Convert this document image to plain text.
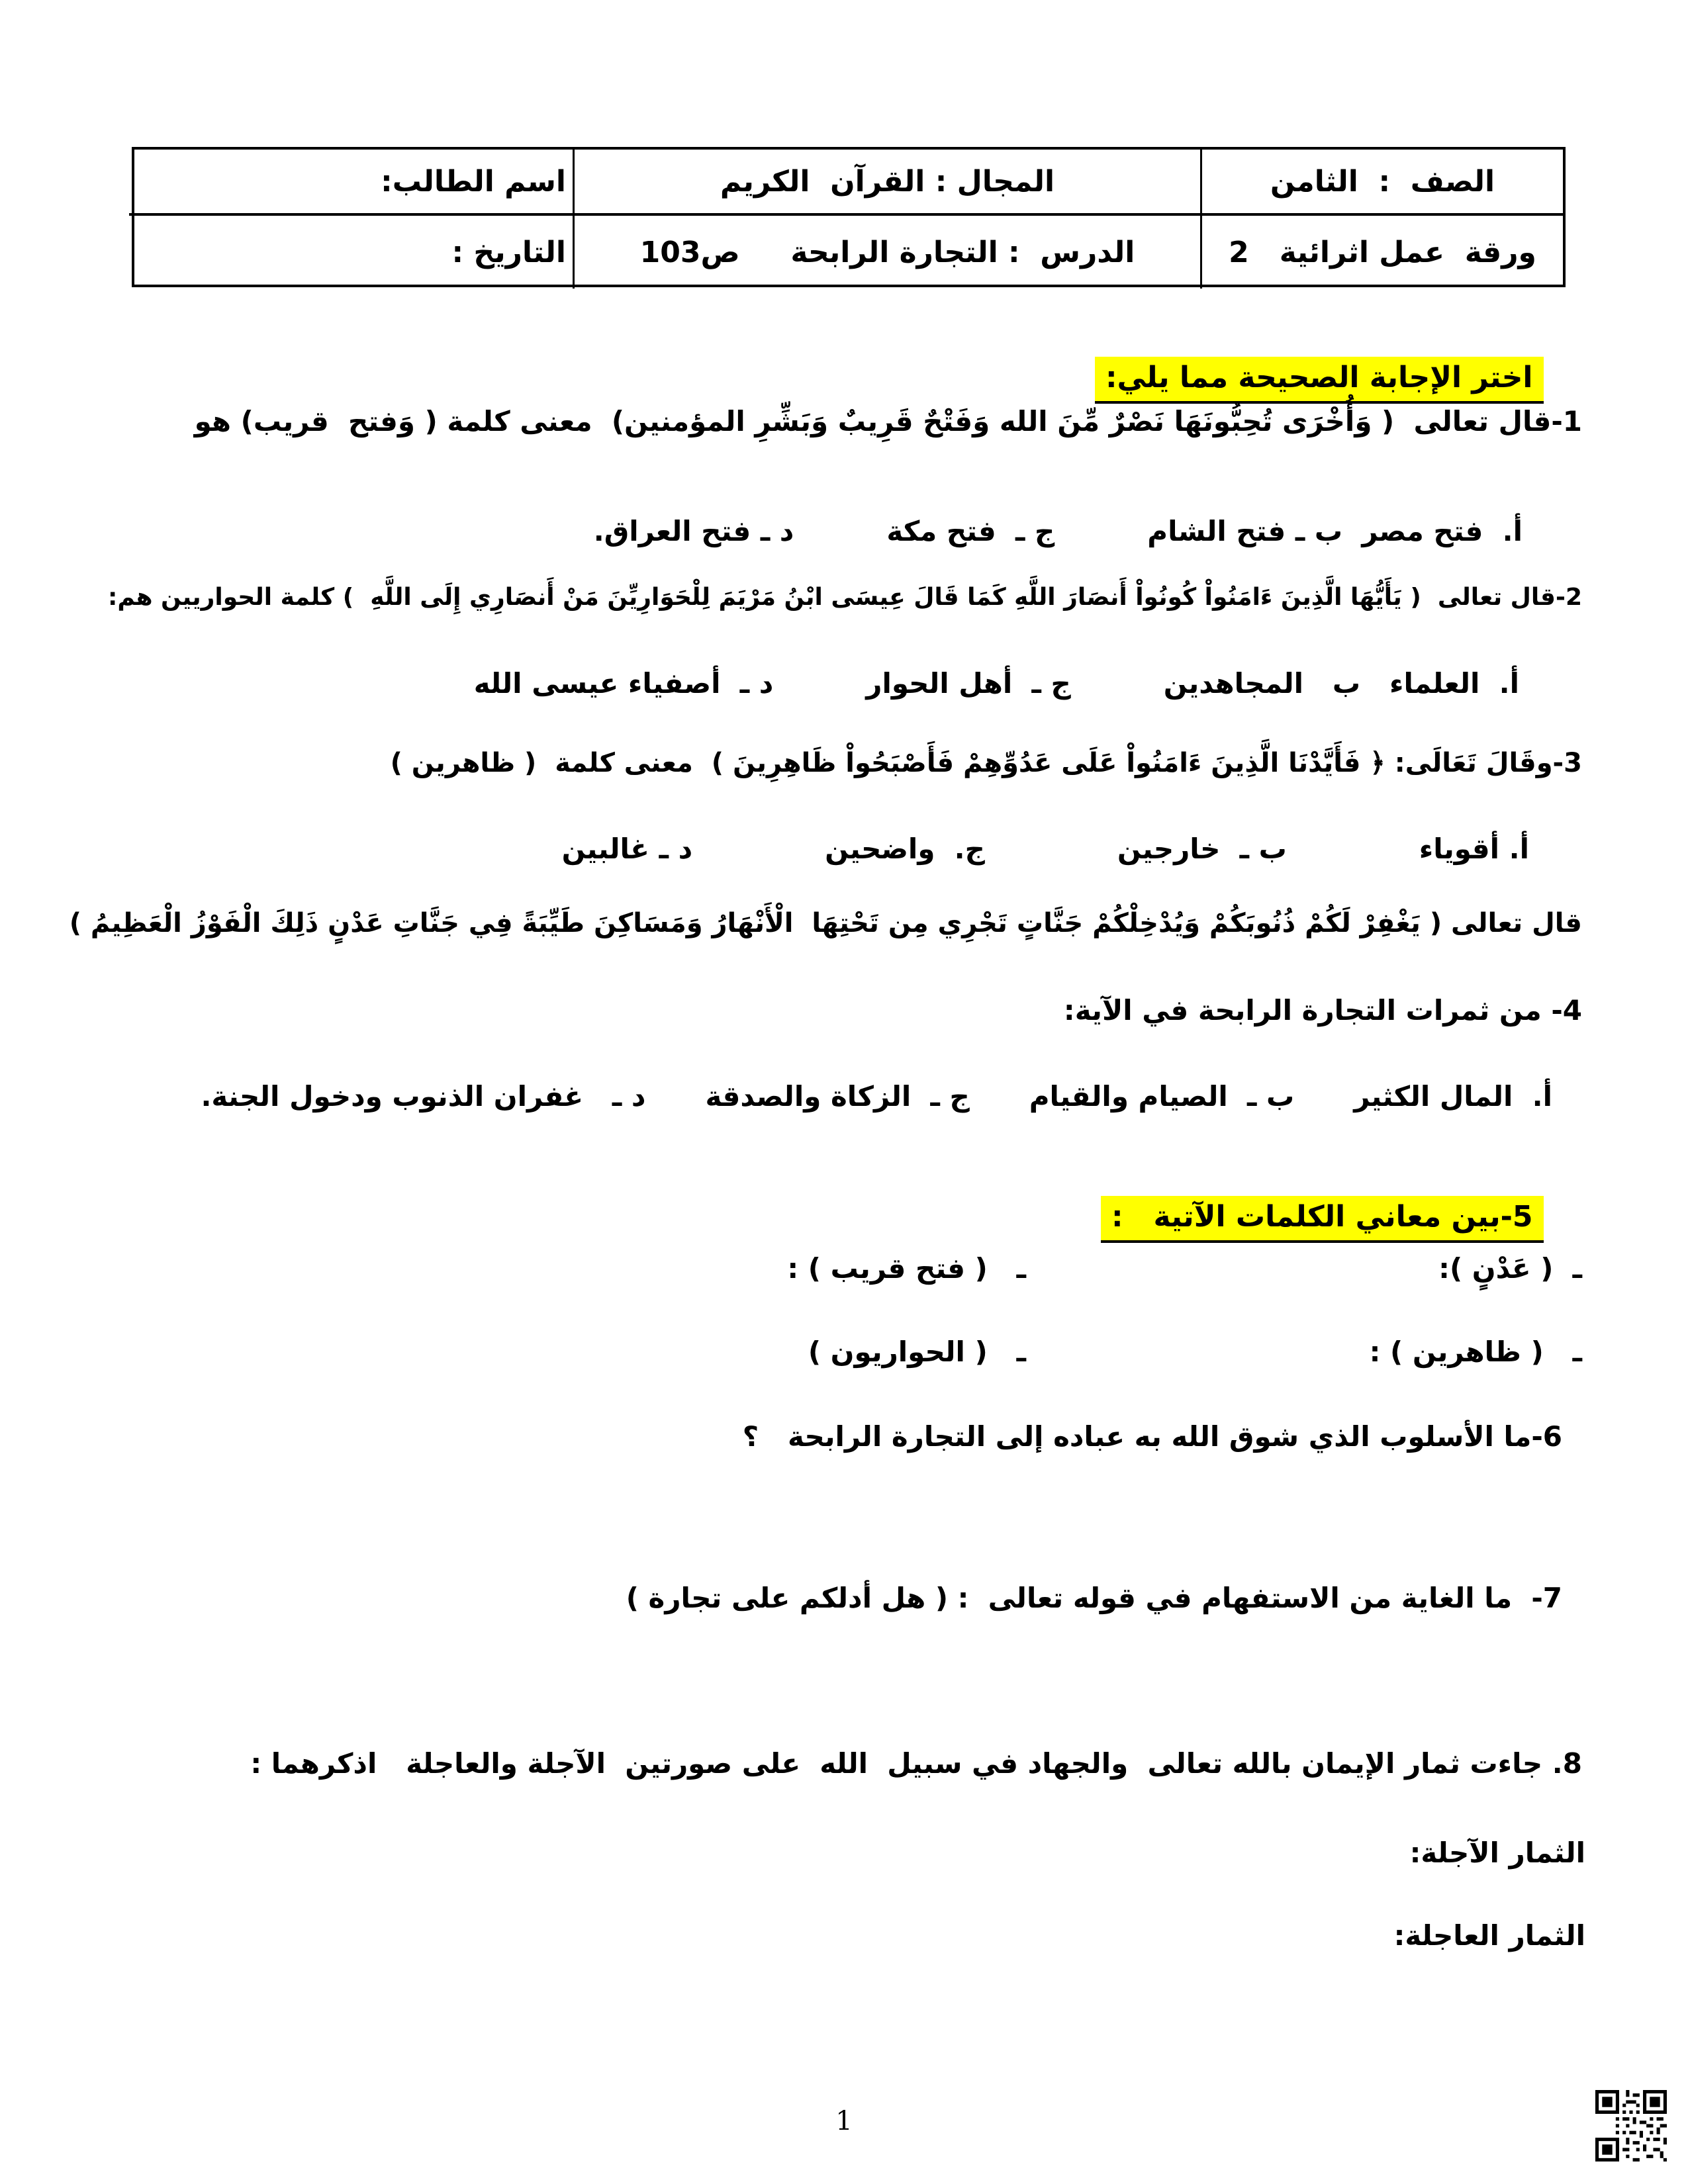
الصف  :  الثامن
المجال : القرآن  الكريم
اسم الطالب:
ورقة  عمل اثرائية   2
الدرس  : التجارة الرابحة     ص103
التاريخ :

اختر الإجابة الصحيحة مما يلي:

1-قال تعالى  ( وَأُخْرَى تُحِبُّونَهَا نَصْرٌ مِّنَ الله وَفَتْحٌ قَرِيبٌ وَبَشِّرِ المؤمنين)  معنى كلمة ( وَفتح  قريب) هو
أ.  فتح مصر  ب ـ فتح الشام
ج ـ  فتح مكة
د ـ فتح العراق.
2-قال تعالى  ( يَأَيُّهَا الَّذِينَ ءَامَنُواْ كُونُواْ أَنصَارَ اللَّهِ كَمَا قَالَ عِيسَى ابْنُ مَرْيَمَ لِلْحَوَارِيِّنَ مَنْ أَنصَارِي إِلَى اللَّهِ  ) كلمة الحواريين هم:
أ.  العلماء   ب   المجاهدين
ج ـ  أهل الحوار
د ـ  أصفياء عيسى الله
3-وقَالَ تَعَالَى: ﴿ فَأَيَّدْنَا الَّذِينَ ءَامَنُواْ عَلَى عَدُوِّهِمْ فَأَصْبَحُواْ ظَاهِرِينَ )  معنى كلمة  ( ظاهرين )
أ. أقوياء
ب ـ  خارجين
ج.  واضحين
د ـ غالبين
قال تعالى ( يَغْفِرْ لَكُمْ ذُنُوبَكُمْ وَيُدْخِلْكُمْ جَنَّاتٍ تَجْرِي مِن تَحْتِهَا  الْأَنْهَارُ وَمَسَاكِنَ طَيِّبَةً فِي جَنَّاتِ عَدْنٍ ذَلِكَ الْفَوْزُ الْعَظِيمُ )
4- من ثمرات التجارة الرابحة في الآية:
أ.  المال الكثير
ب ـ  الصيام والقيام
ج ـ  الزكاة والصدقة
د ـ   غفران الذنوب ودخول الجنة.

5-بين معاني الكلمات الآتية   :

ـ  ( عَدْنٍ ):
ـ   ( فتح قريب ) :
ـ   ( ظاهرين ) :
ـ   ( الحواريون )
6-ما الأسلوب الذي شوق الله به عباده إلى التجارة الرابحة   ؟
7-  ما الغاية من الاستفهام في قوله تعالى  : ( هل أدلكم على تجارة )
8. جاءت ثمار الإيمان بالله تعالى  والجهاد في سبيل  الله  على صورتين  الآجلة والعاجلة   اذكرهما :
الثمار الآجلة:
الثمار العاجلة:
1
